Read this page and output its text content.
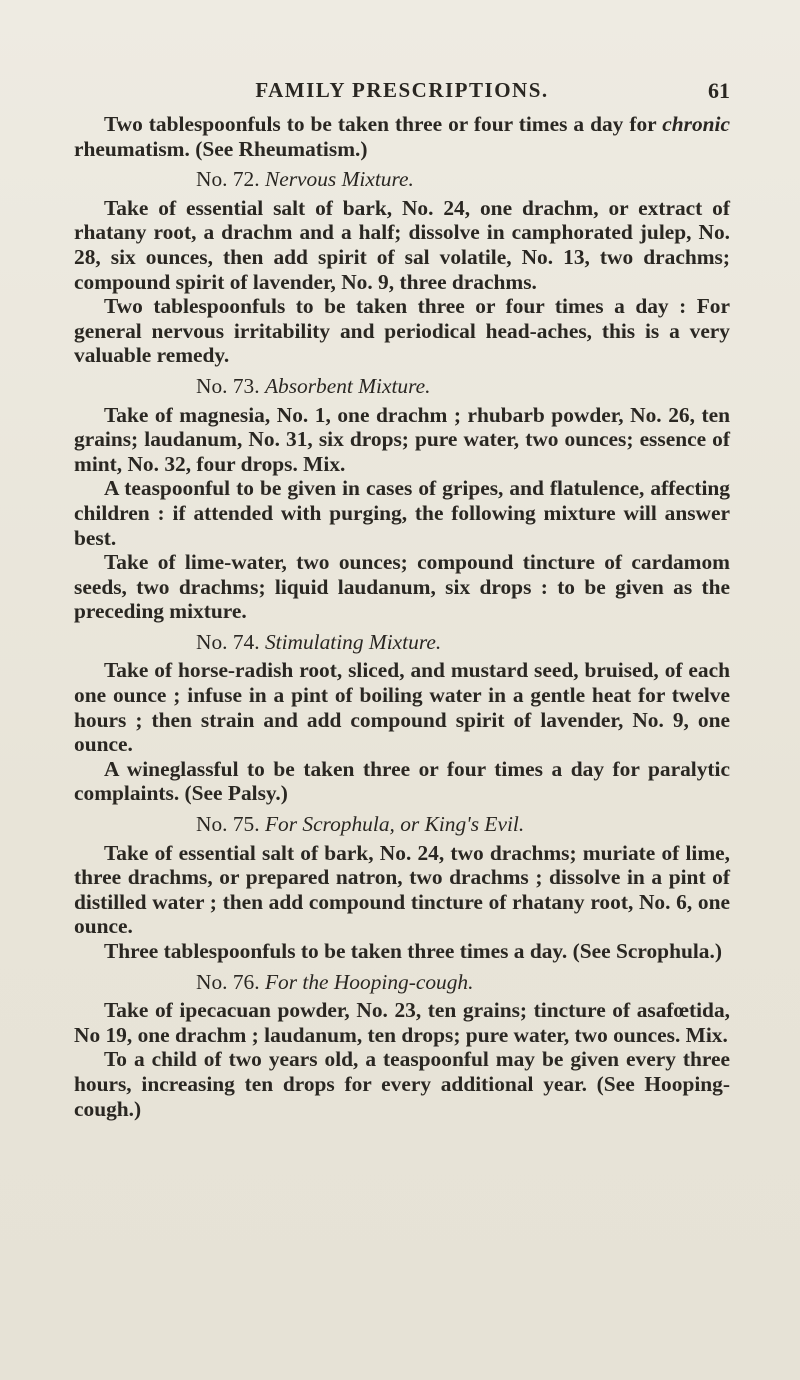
FAMILY PRESCRIPTIONS.	61

Two tablespoonfuls to be taken three or four times a day for chronic rheumatism. (See Rheumatism.)

No. 72. Nervous Mixture.

Take of essential salt of bark, No. 24, one drachm, or extract of rhatany root, a drachm and a half; dissolve in camphorated julep, No. 28, six ounces, then add spirit of sal volatile, No. 13, two drachms; compound spirit of lavender, No. 9, three drachms.

Two tablespoonfuls to be taken three or four times a day : For general nervous irritability and periodical head-aches, this is a very valuable remedy.

No. 73. Absorbent Mixture.

Take of magnesia, No. 1, one drachm ; rhubarb powder, No. 26, ten grains; laudanum, No. 31, six drops; pure water, two ounces; essence of mint, No. 32, four drops. Mix.

A teaspoonful to be given in cases of gripes, and flatulence, affecting children : if attended with purging, the following mixture will answer best.

Take of lime-water, two ounces; compound tincture of cardamom seeds, two drachms; liquid laudanum, six drops : to be given as the preceding mixture.

No. 74. Stimulating Mixture.

Take of horse-radish root, sliced, and mustard seed, bruised, of each one ounce ; infuse in a pint of boiling water in a gentle heat for twelve hours ; then strain and add compound spirit of lavender, No. 9, one ounce.

A wineglassful to be taken three or four times a day for paralytic complaints. (See Palsy.)

No. 75. For Scrophula, or King's Evil.

Take of essential salt of bark, No. 24, two drachms; muriate of lime, three drachms, or prepared natron, two drachms ; dissolve in a pint of distilled water ; then add compound tincture of rhatany root, No. 6, one ounce.

Three tablespoonfuls to be taken three times a day. (See Scrophula.)

No. 76. For the Hooping-cough.

Take of ipecacuan powder, No. 23, ten grains; tincture of asafœtida, No 19, one drachm ; laudanum, ten drops; pure water, two ounces. Mix.

To a child of two years old, a teaspoonful may be given every three hours, increasing ten drops for every additional year. (See Hooping-cough.)
